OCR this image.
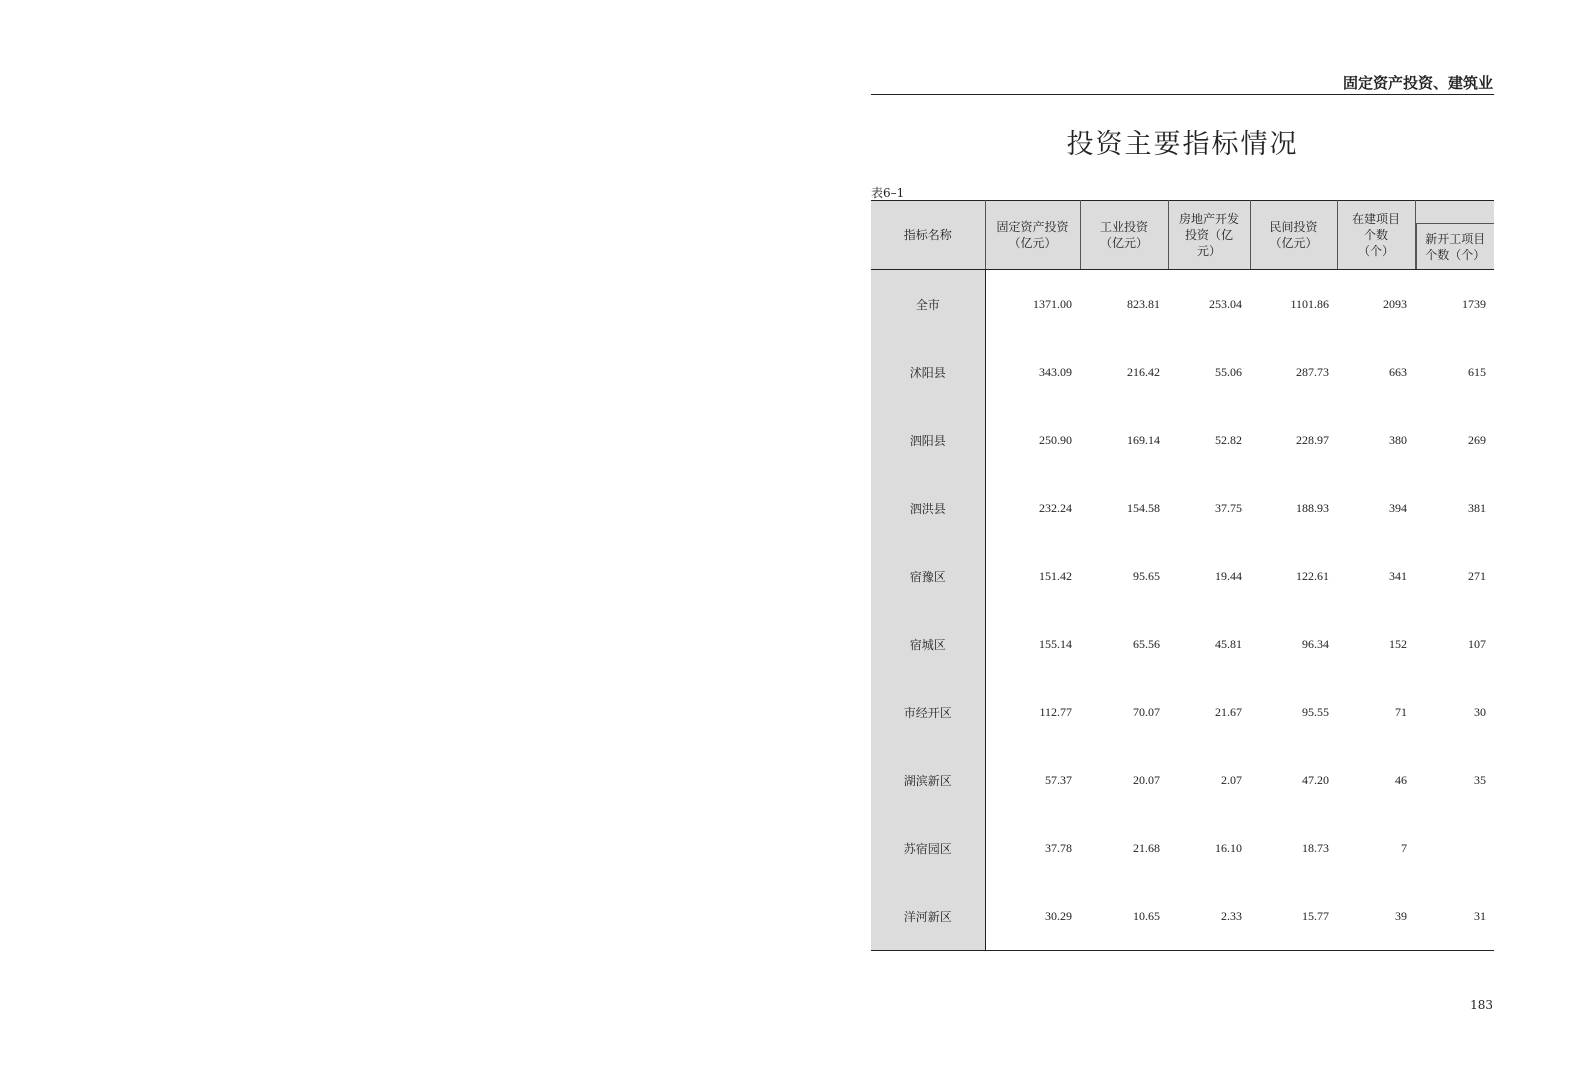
固定资产投资、建筑业
投资主要指标情况
表6–1
指标名称	固定资产投资（亿元）	工业投资（亿元）	房地产开发投资（亿元）	民间投资（亿元）	在建项目个数（个）	新开工项目个数（个）

全市	1371.00	823.81	253.04	1101.86	2093	1739
沭阳县	343.09	216.42	55.06	287.73	663	615
泗阳县	250.90	169.14	52.82	228.97	380	269
泗洪县	232.24	154.58	37.75	188.93	394	381
宿豫区	151.42	95.65	19.44	122.61	341	271
宿城区	155.14	65.56	45.81	96.34	152	107
市经开区	112.77	70.07	21.67	95.55	71	30
湖滨新区	57.37	20.07	2.07	47.20	46	35
苏宿园区	37.78	21.68	16.10	18.73	7	
洋河新区	30.29	10.65	2.33	15.77	39	31
183
